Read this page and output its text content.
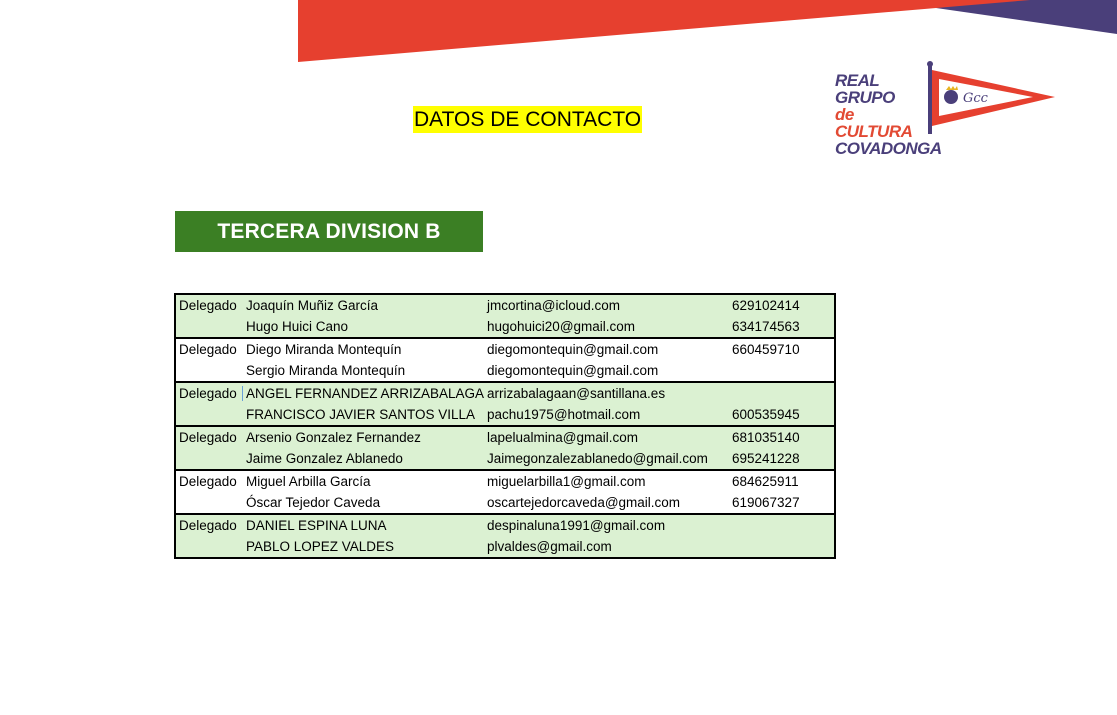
REAL GRUPO
de CULTURA
COVADONGA
Gcc
DATOS DE CONTACTO
TERCERA DIVISION B
Delegado Joaquín Muñiz García	jmcortina@icloud.com	629102414
Hugo Huici Cano	hugohuici20@gmail.com	634174563
Delegado Diego Miranda Montequín	diegomontequin@gmail.com	660459710
Sergio Miranda Montequín	diegomontequin@gmail.com
Delegado ANGEL FERNANDEZ ARRIZABALAGA arrizabalagaan@santillana.es
FRANCISCO JAVIER SANTOS VILLA pachu1975@hotmail.com	600535945
Delegado Arsenio Gonzalez Fernandez	lapelualmina@gmail.com	681035140
Jaime Gonzalez Ablanedo	Jaimegonzalezablanedo@gmail.com 695241228
Delegado Miguel Arbilla García	miguelarbilla1@gmail.com	684625911
Óscar Tejedor Caveda	oscartejedorcaveda@gmail.com	619067327
Delegado DANIEL ESPINA LUNA	despinaluna1991@gmail.com
PABLO LOPEZ VALDES	plvaldes@gmail.com
